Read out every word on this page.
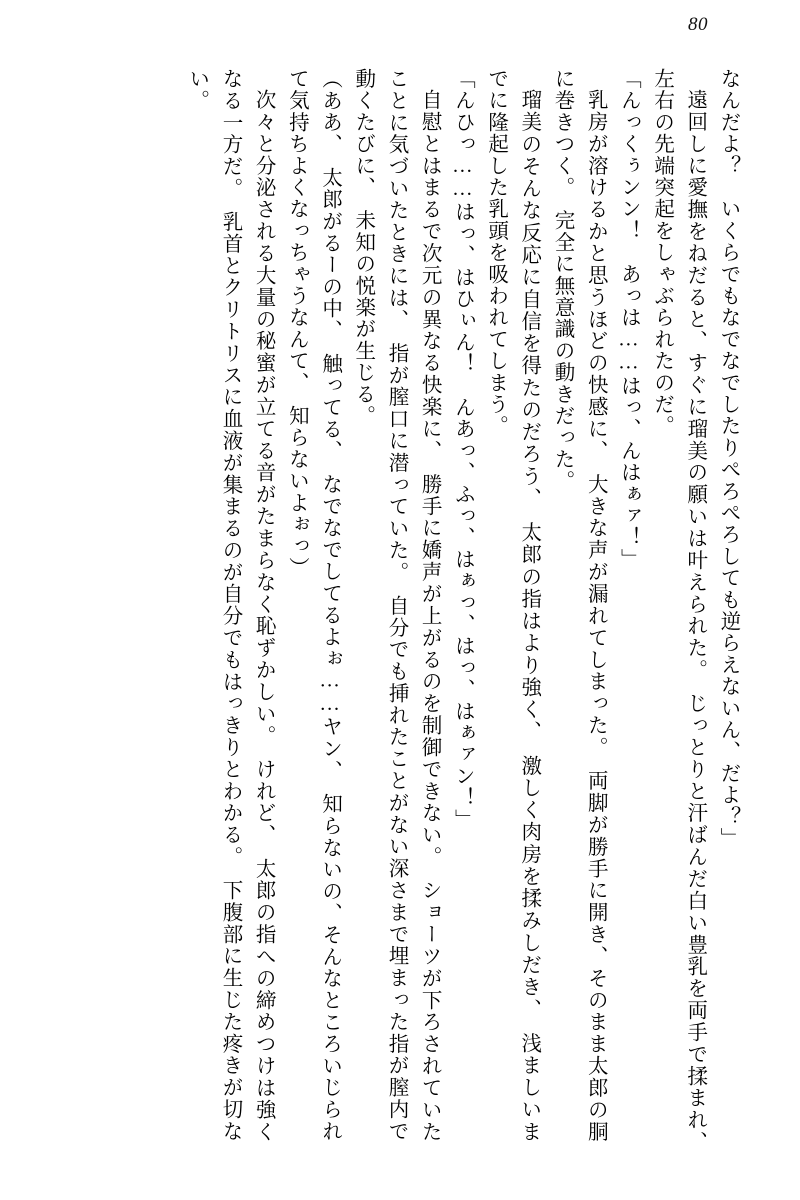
80

なんだよ？　いくらでもなでなでしたりぺろぺろしても逆らえないん、だよ？」

遠回しに愛撫をねだると、すぐに瑠美の願いは叶えられた。　じっとりと汗ばんだ白い豊乳を両手で揉まれ、　左右の先端突起をしゃぶられたのだ。

「んっくぅンン！　あっは……はっ、んはぁァ！」

乳房が溶けるかと思うほどの快感に、　大きな声が漏れてしまった。　両脚が勝手に開き、そのまま太郎の胴に巻きつく。　完全に無意識の動きだった。

瑠美のそんな反応に自信を得たのだろう、　太郎の指はより強く、　激しく肉房を揉みしだき、　浅ましいまでに隆起した乳頭を吸われてしまう。

「んひっ……はっ、はひぃん！　んあっ、ふっ、はぁっ、はっ、はぁァン！」

自慰とはまるで次元の異なる快楽に、　勝手に嬌声が上がるのを制御できない。　ショーツが下ろされていたことに気づいたときには、　指が膣口に潜っていた。　自分でも挿れたことがない深さまで埋まった指が膣内で動くたびに、　未知の悦楽が生じる。

（ああ、　太郎がるーの中、　触ってる、　なでなでしてるよぉ……ヤン、　知らないの、そんなところいじられて気持ちよくなっちゃうなんて、　知らないよぉっ）

次々と分泌される大量の秘蜜が立てる音がたまらなく恥ずかしい。　けれど、　太郎の指への締めつけは強くなる一方だ。　乳首とクリトリスに血液が集まるのが自分でもはっきりとわかる。　下腹部に生じた疼きが切ない。
